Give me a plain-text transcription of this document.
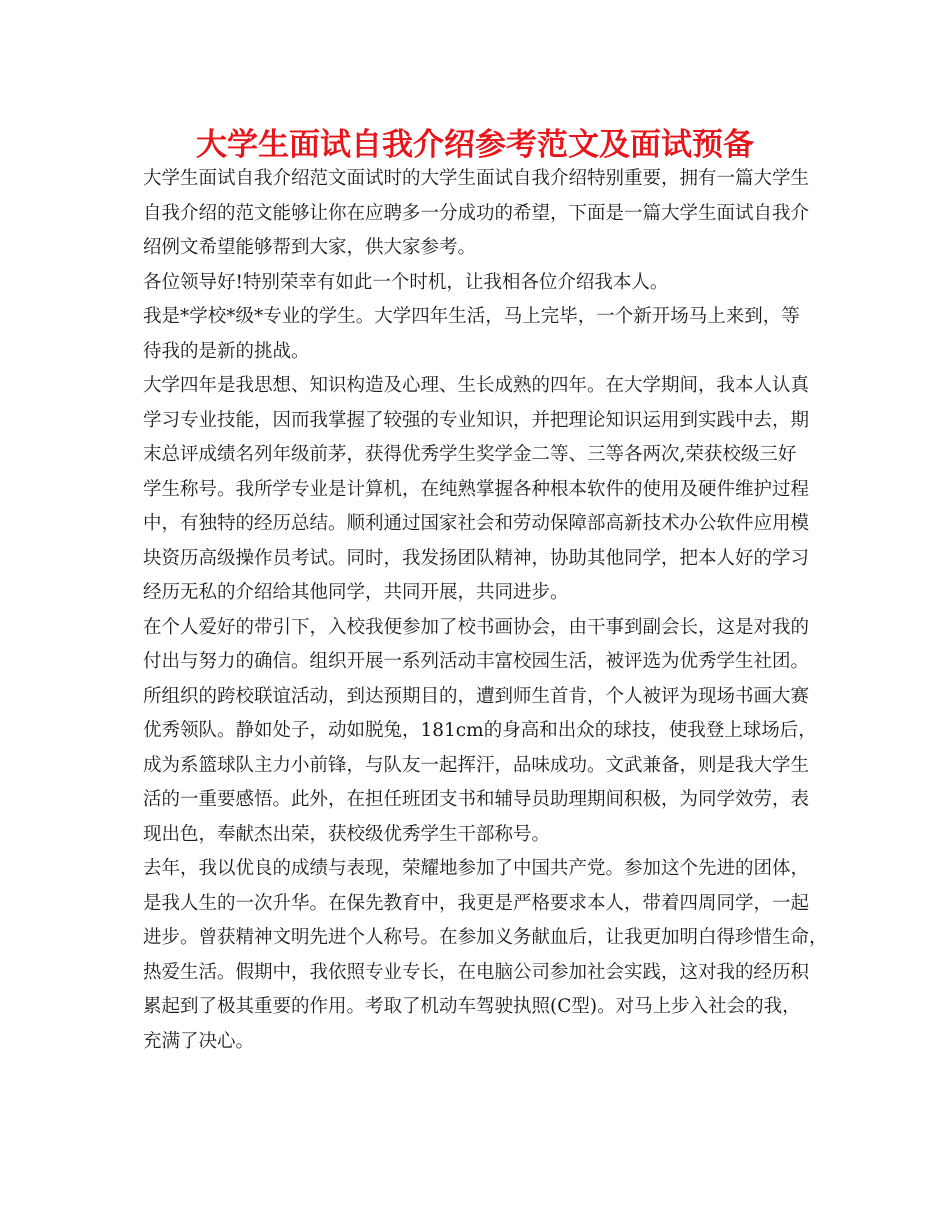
大学生面试自我介绍参考范文及面试预备
大学生面试自我介绍范文面试时的大学生面试自我介绍特别重要，拥有一篇大学生
自我介绍的范文能够让你在应聘多一分成功的希望，下面是一篇大学生面试自我介
绍例文希望能够帮到大家，供大家参考。
各位领导好!特别荣幸有如此一个时机，让我相各位介绍我本人。
我是*学校*级*专业的学生。大学四年生活，马上完毕，一个新开场马上来到，等
待我的是新的挑战。
大学四年是我思想、知识构造及心理、生长成熟的四年。在大学期间，我本人认真
学习专业技能，因而我掌握了较强的专业知识，并把理论知识运用到实践中去，期
末总评成绩名列年级前茅，获得优秀学生奖学金二等、三等各两次,荣获校级三好
学生称号。我所学专业是计算机，在纯熟掌握各种根本软件的使用及硬件维护过程
中，有独特的经历总结。顺利通过国家社会和劳动保障部高新技术办公软件应用模
块资历高级操作员考试。同时，我发扬团队精神，协助其他同学，把本人好的学习
经历无私的介绍给其他同学，共同开展，共同进步。
在个人爱好的带引下，入校我便参加了校书画协会，由干事到副会长，这是对我的
付出与努力的确信。组织开展一系列活动丰富校园生活，被评选为优秀学生社团。
所组织的跨校联谊活动，到达预期目的，遭到师生首肯，个人被评为现场书画大赛
优秀领队。静如处子，动如脱兔，181cm的身高和出众的球技，使我登上球场后，
成为系篮球队主力小前锋，与队友一起挥汗，品味成功。文武兼备，则是我大学生
活的一重要感悟。此外，在担任班团支书和辅导员助理期间积极，为同学效劳，表
现出色，奉献杰出荣，获校级优秀学生干部称号。
去年，我以优良的成绩与表现，荣耀地参加了中国共产党。参加这个先进的团体，
是我人生的一次升华。在保先教育中，我更是严格要求本人，带着四周同学，一起
进步。曾获精神文明先进个人称号。在参加义务献血后，让我更加明白得珍惜生命，
热爱生活。假期中，我依照专业专长，在电脑公司参加社会实践，这对我的经历积
累起到了极其重要的作用。考取了机动车驾驶执照(C型)。对马上步入社会的我，
充满了决心。
